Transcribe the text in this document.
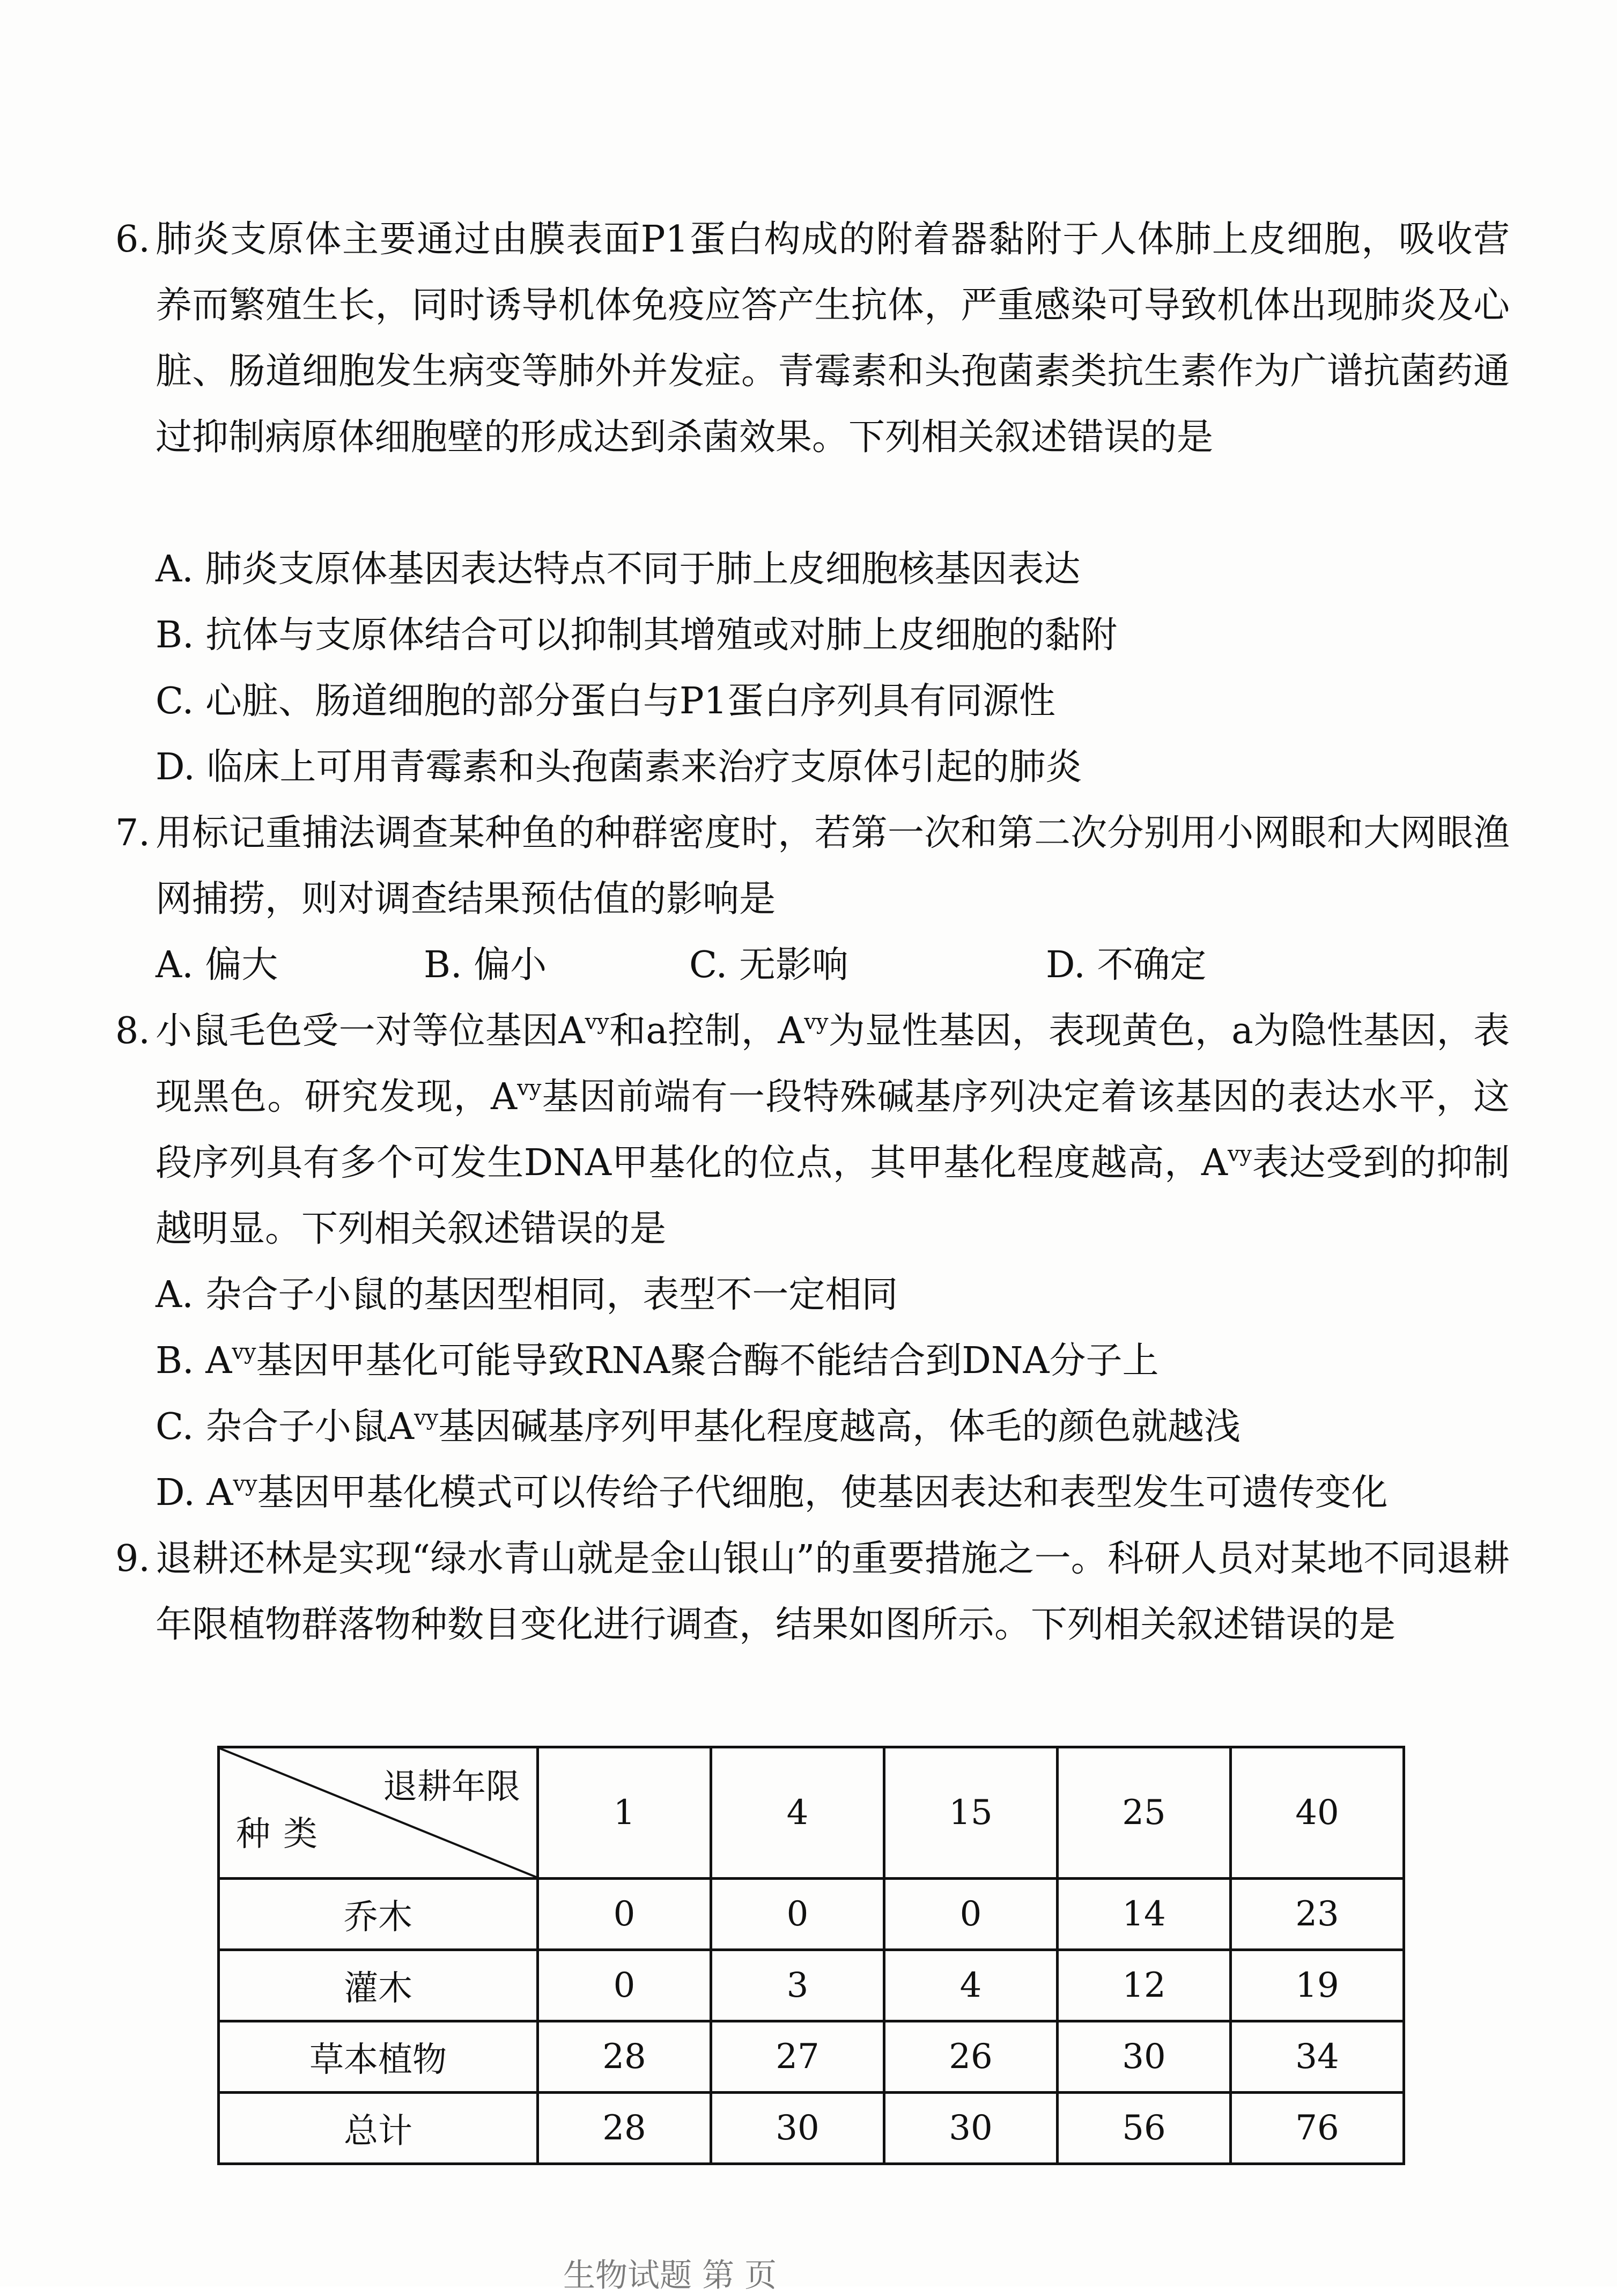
6. 肺炎支原体主要通过由膜表面P1蛋白构成的附着器黏附于人体肺上皮细胞，吸收营养而繁殖生长，同时诱导机体免疫应答产生抗体，严重感染可导致机体出现肺炎及心脏、肠道细胞发生病变等肺外并发症。青霉素和头孢菌素类抗生素作为广谱抗菌药通过抑制病原体细胞壁的形成达到杀菌效果。下列相关叙述错误的是
A. 肺炎支原体基因表达特点不同于肺上皮细胞核基因表达
B. 抗体与支原体结合可以抑制其增殖或对肺上皮细胞的黏附
C. 心脏、肠道细胞的部分蛋白与P1蛋白序列具有同源性
D. 临床上可用青霉素和头孢菌素来治疗支原体引起的肺炎
7. 用标记重捕法调查某种鱼的种群密度时，若第一次和第二次分别用小网眼和大网眼渔网捕捞，则对调查结果预估值的影响是
A. 偏大	B. 偏小	C. 无影响	D. 不确定
8. 小鼠毛色受一对等位基因$A^{vy}$和a控制，$A^{vy}$为显性基因，表现黄色，a为隐性基因，表现黑色。研究发现，$A^{vy}$基因前端有一段特殊碱基序列决定着该基因的表达水平，这段序列具有多个可发生DNA甲基化的位点，其甲基化程度越高，$A^{vy}$表达受到的抑制越明显。下列相关叙述错误的是
A. 杂合子小鼠的基因型相同，表型不一定相同
B. $A^{vy}$基因甲基化可能导致RNA聚合酶不能结合到DNA分子上
C. 杂合子小鼠$A^{vy}$基因碱基序列甲基化程度越高，体毛的颜色就越浅
D. $A^{vy}$基因甲基化模式可以传给子代细胞，使基因表达和表型发生可遗传变化
9. 退耕还林是实现“绿水青山就是金山银山”的重要措施之一。科研人员对某地不同退耕年限植物群落物种数目变化进行调查，结果如图所示。下列相关叙述错误的是
退耕年限
种类	1	4	15	25	40
乔木	0	0	0	14	23
灌木	0	3	4	12	19
草本植物	28	27	26	30	34
总计	28	30	30	56	76
生物试题 第 页
